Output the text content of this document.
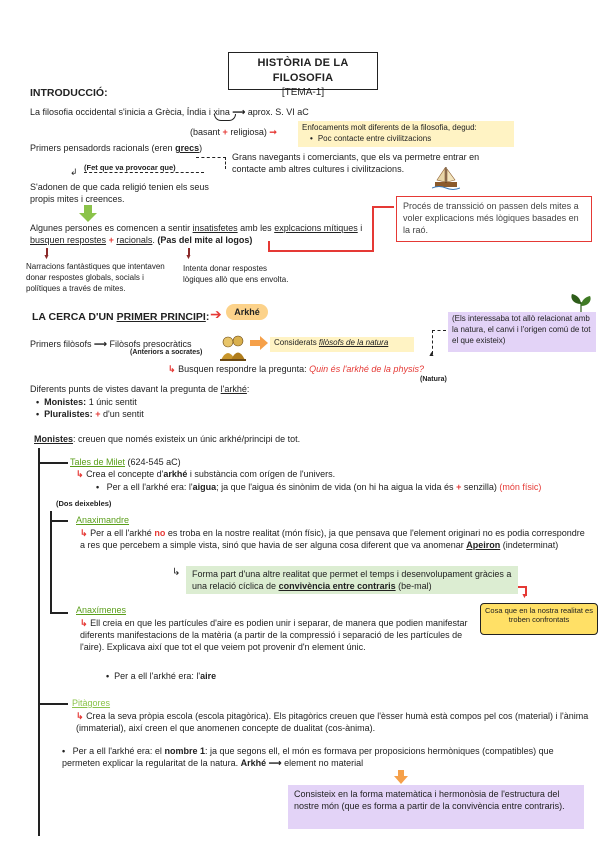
HISTÒRIA DE LA FILOSOFIA
[TEMA-1]
INTRODUCCIÓ:
La filosofia occidental s'inicia a Grècia, Índia i xina ⟶ aprox. S. VI aC
(basant + religiosa) ➞	Enfocaments molt diferents de la filosofia, degud:
• Poc contacte entre civilitzacions
Primers pensadords racionals (eren grecs)
(Fet que va provocar que)
↲
Grans navegants i comerciants, que els va permetre entrar en contacte amb altres cultures i civilitzacions.
S'adonen de que cada religió tenien els seus propis mites i creences.
Procés de transsició on passen dels mites a voler explicacions més lògiques basades en la raó.
Algunes persones es comencen a sentir insatisfetes amb les explcacions mítiques i busquen respostes + racionals. (Pas del mite al logos)
▼	▼
Narracions fantàstiques que intentaven donar respostes globals, socials i polítiques a través de mites.
Intenta donar respostes lògiques allò que ens envolta.
LA CERCA D'UN PRIMER PRINCIPI: ➔	Arkhé
(Els interessaba tot allò relacionat amb la natura, el canvi i l'origen comú de tot el que existeix)
▲
Primers filòsofs ⟶ Filòsofs presocràtics
(Anteriors a socrates)
Considerats filòsofs de la natura
↳ Busquen respondre la pregunta: Quin és l'arkhé de la physis?
(Natura)
Diferents punts de vistes davant la pregunta de l'arkhé:
• Monistes: 1 únic sentit
• Pluralistes: + d'un sentit
Monistes: creuen que només existeix un únic arkhé/principi de tot.
Tales de Milet (624-545 aC)
↳ Crea el concepte d'arkhé i substància com orígen de l'univers.
• Per a ell l'arkhé era: l'aigua; ja que l'aigua és sinònim de vida (on hi ha aigua la vida és + senzilla) (món físic)
(Dos deixebles)
Anaximandre
↳ Per a ell l'arkhé no es troba en la nostre realitat (món físic), ja que pensava que l'element originari no es podia correspondre a res que percebem a simple vista, sinó que havia de ser alguna cosa diferent que va anomenar Apeiron (indeterminat)
↳	Forma part d'una altre realitat que permet el temps i desenvolupament gràcies a una relació cíclica de convivència entre contraris (be-mal)
▼
Cosa que en la nostra realitat es troben confrontats
Anaxímenes
↳ Ell creia en que les partícules d'aire es podien unir i separar, de manera que podien manifestar diferents manifestacions de la matèria (a partir de la compressió i separació de les partícules de l'aire). Explicava així que tot el que veiem pot provenir d'n element únic.
• Per a ell l'arkhé era: l'aire
Pitàgores
↳ Crea la seva pròpia escola (escola pitagòrica). Els pitagòrics creuen que l'èsser humà està compos pel cos (material) i l'ànima (immaterial), així creen el que anomenen concepte de dualitat (cos-ànima).
• Per a ell l'arkhé era: el nombre 1: ja que segons ell, el món es formava per proposicions hermòniques (compatibles) que permeten explicar la regularitat de la natura. Arkhé ⟶ element no material
Consisteix en la forma matemàtica i hermonòsia de l'estructura del nostre món (que es forma a partir de la convivència entre contraris).
